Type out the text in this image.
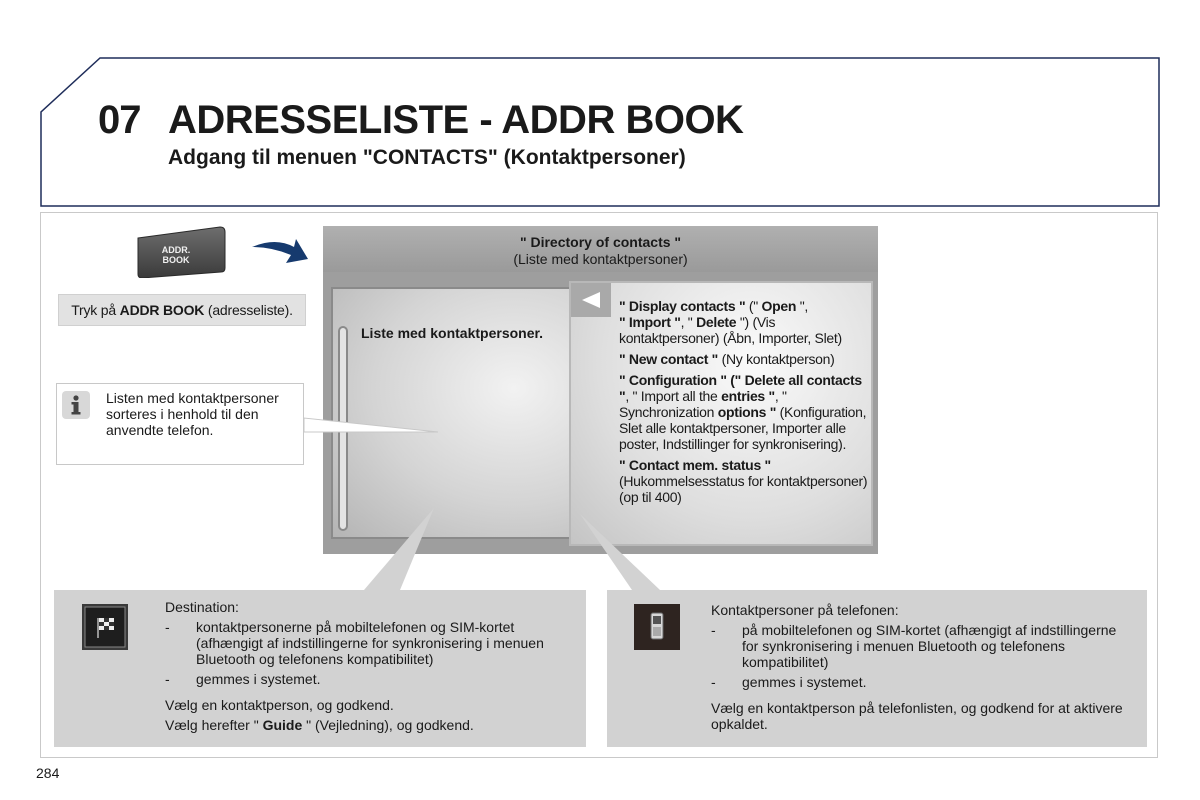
07 ADRESSELISTE - ADDR BOOK
Adgang til menuen "CONTACTS" (Kontaktpersoner)
ADDR.
BOOK
Tryk på ADDR BOOK (adresseliste).
Listen med kontaktpersoner sorteres i henhold til den anvendte telefon.
" Directory of contacts "
(Liste med kontaktpersoner)
Liste med kontaktpersoner.

" Display contacts " (" Open ",
" Import ", " Delete ") (Vis kontaktpersoner) (Åbn, Importer, Slet)

" New contact " (Ny kontaktperson)

" Configuration " (" Delete all contacts ", " Import all the entries ", " Synchronization options " (Konfiguration, Slet alle kontaktpersoner, Importer alle poster, Indstillinger for synkronisering).

" Contact mem. status " (Hukommelsesstatus for kontaktpersoner)
(op til 400)

Destination:

- kontaktpersonerne på mobiltelefonen og SIM-kortet (afhængigt af indstillingerne for synkronisering i menuen Bluetooth og telefonens kompatibilitet)
- gemmes i systemet.

Vælg en kontaktperson, og godkend.

Vælg herefter " Guide " (Vejledning), og godkend.

Kontaktpersoner på telefonen:

- på mobiltelefonen og SIM-kortet (afhængigt af indstillingerne for synkronisering i menuen Bluetooth og telefonens kompatibilitet)
- gemmes i systemet.

Vælg en kontaktperson på telefonlisten, og godkend for at aktivere opkaldet.

284
